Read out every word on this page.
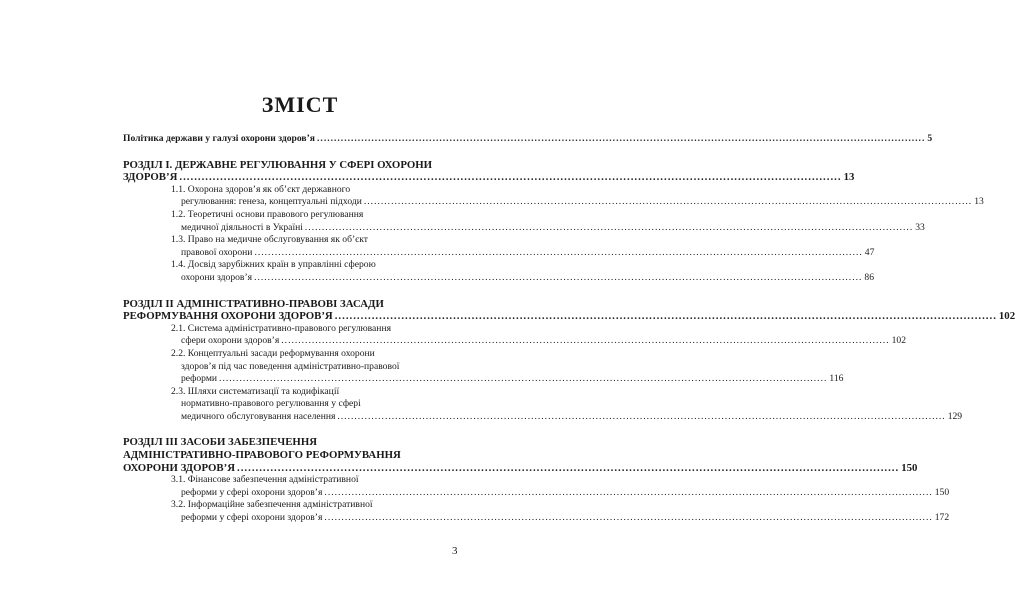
ЗМІСТ
Політика держави у галузі охорони здоров’я .....	5
РОЗДІЛ І. ДЕРЖАВНЕ РЕГУЛЮВАННЯ У СФЕРІ ОХОРОНИ
ЗДОРОВ’Я .....	13
1.1. Охорона здоров’я як об’єкт державного
регулювання: генеза, концептуальні підходи .....	13
1.2. Теоретичні основи правового регулювання
медичної діяльності в Україні .....	33
1.3. Право на медичне обслуговування як об’єкт
правової охорони .....	47
1.4. Досвід зарубіжних країн в управлінні сферою
охорони здоров’я .....	86
РОЗДІЛ ІІ АДМІНІСТРАТИВНО-ПРАВОВІ ЗАСАДИ
РЕФОРМУВАННЯ ОХОРОНИ ЗДОРОВ’Я .....	102
2.1. Система адміністративно-правового регулювання
сфери охорони здоров’я .....	102
2.2. Концептуальні засади реформування охорони
здоров’я під час поведення адміністративно-правової
реформи .....	116
2.3. Шляхи систематизації та кодифікації
нормативно-правового регулювання у сфері
медичного обслуговування населення .....	129
РОЗДІЛ ІІІ ЗАСОБИ ЗАБЕЗПЕЧЕННЯ
АДМІНІСТРАТИВНО-ПРАВОВОГО РЕФОРМУВАННЯ
ОХОРОНИ ЗДОРОВ’Я .....	150
3.1. Фінансове забезпечення адміністративної
реформи у сфері охорони здоров’я .....	150
3.2. Інформаційне забезпечення адміністративної
реформи у сфері охорони здоров’я .....	172
3
